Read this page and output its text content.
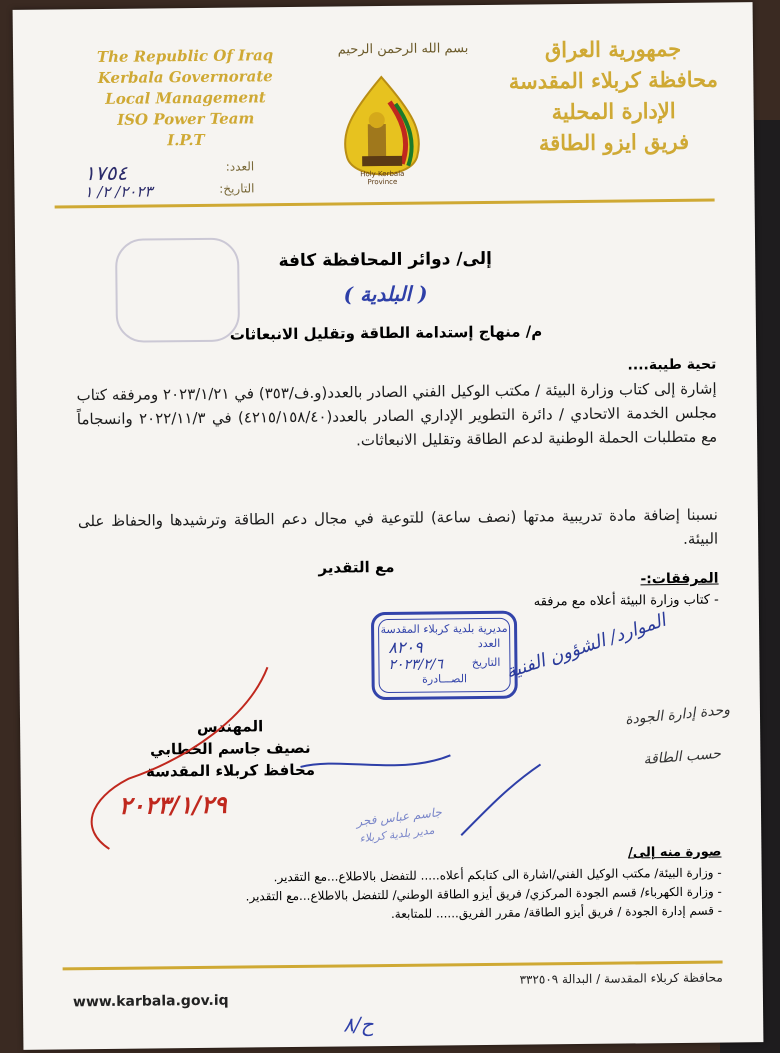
The Republic Of Iraq
Kerbala Governorate
Local Management
ISO Power Team
I.P.T
بسم الله الرحمن الرحيم
Holy Kerbala Province
جمهورية العراق
محافظة كربلاء المقدسة
الإدارة المحلية
فريق ايزو الطاقة
العدد:
١٧٥٤
التاريخ:
٢٠٢٣/ ٢/ ١
إلى/ دوائر المحافظة كافة
( البلدية )
م/ منهاج إستدامة الطاقة وتقليل الانبعاثات
تحية طيبة....
إشارة إلى كتاب وزارة البيئة / مكتب الوكيل الفني الصادر بالعدد(و.ف/٣٥٣) في ٢٠٢٣/١/٢١ ومرفقه كتاب مجلس الخدمة الاتحادي / دائرة التطوير الإداري الصادر بالعدد(٤٢١٥/١٥٨/٤٠) في ٢٠٢٢/١١/٣ وانسجاماً مع متطلبات الحملة الوطنية لدعم الطاقة وتقليل الانبعاثات.
نسبنا إضافة مادة تدريبية مدتها (نصف ساعة) للتوعية في مجال دعم الطاقة وترشيدها والحفاظ على البيئة.
مع التقدير
المرفقات:-
- كتاب وزارة البيئة أعلاه مع مرفقه
مديرية بلدية كربلاء المقدسة
العدد
٨٢٠٩
التاريخ
٢٠٢٣/٢/٦
الصـــادرة	الموارد/ الشؤون الفنية
وحدة إدارة الجودة
حسب الطاقة
المهندس
نصيف جاسم الخطابي
محافظ كربلاء المقدسة
٢٠٢٣/١/٢٩	جاسم عباس فجر
مدير بلدية كربلاء
صورة منه إلى/
- وزارة البيئة/ مكتب الوكيل الفني/اشارة الى كتابكم أعلاه..... للتفضل بالاطلاع...مع التقدير.
- وزارة الكهرباء/ قسم الجودة المركزي/ فريق أيزو الطاقة الوطني/ للتفضل بالاطلاع...مع التقدير.
- قسم إدارة الجودة / فريق أيزو الطاقة/ مقرر الفريق...... للمتابعة.
www.karbala.gov.iq
محافظة كربلاء المقدسة / البدالة ٣٣٢٥٠٩
ح/٨
